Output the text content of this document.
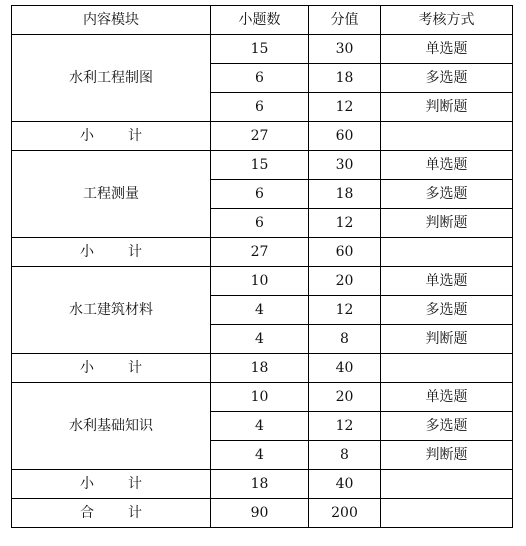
内容模块	小题数	分值	考核方式
水利工程制图	15	30	单选题
	6	18	多选题
	6	12	判断题
小计	27	60	
工程测量	15	30	单选题
	6	18	多选题
	6	12	判断题
小计	27	60	
水工建筑材料	10	20	单选题
	4	12	多选题
	4	8	判断题
小计	18	40	
水利基础知识	10	20	单选题
	4	12	多选题
	4	8	判断题
小计	18	40	
合计	90	200	
